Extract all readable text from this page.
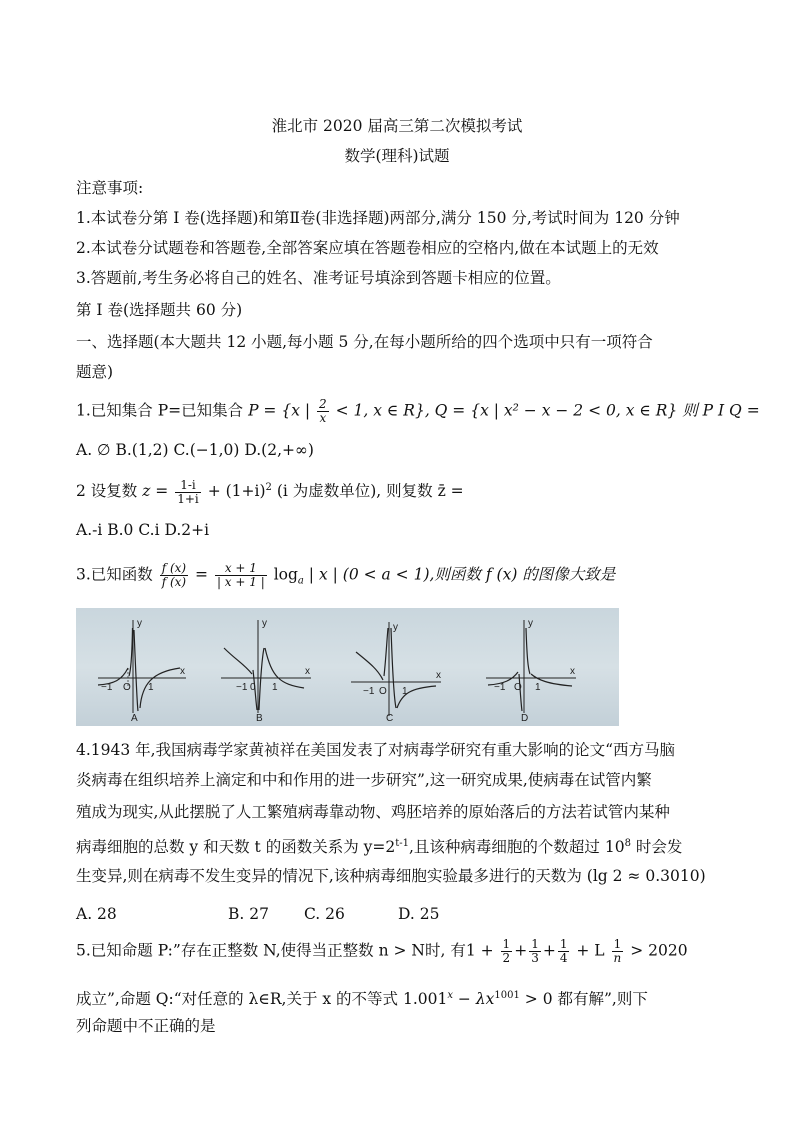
淮北市 2020 届高三第二次模拟考试
数学(理科)试题
注意事项:
1.本试卷分第 I 卷(选择题)和第Ⅱ卷(非选择题)两部分,满分 150 分,考试时间为 120 分钟
2.本试卷分试题卷和答题卷,全部答案应填在答题卷相应的空格内,做在本试题上的无效
3.答题前,考生务必将自己的姓名、准考证号填涂到答题卡相应的位置。
第 I 卷(选择题共 60 分)
一、选择题(本大题共 12 小题,每小题 5 分,在每小题所给的四个选项中只有一项符合
题意)
1.已知集合 P=已知集合 P = {x | $\frac{2}{x} < 1$, x ∈ R}, Q = {x | x² − x − 2 < 0, x ∈ R} 则 P I Q =
A. ∅ B.(1,2) C.(−1,0) D.(2,+∞)
2 设复数 $z = \frac{1-i}{1+i} + (1+i)^2$ (i 为虚数单位), 则复数 z̄ =
A.-i B.0 C.i D.2+i
3.已知函数 $\frac{f (x)}{f (x)} = \frac{x + 1}{| x + 1 |} \log_a$ | x | (0 < a < 1),则函数 f (x) 的图像大致是
−1 O 1
x
y
A
−1 0 1
x
y
B
−1 O 1
x
y
C
−1 O 1
x
y
D
4.1943 年,我国病毒学家黄祯祥在美国发表了对病毒学研究有重大影响的论文“西方马脑
炎病毒在组织培养上滴定和中和作用的进一步研究”,这一研究成果,使病毒在试管内繁
殖成为现实,从此摆脱了人工繁殖病毒靠动物、鸡胚培养的原始落后的方法若试管内某种
病毒细胞的总数 y 和天数 t 的函数关系为 $y=2^{t-1}$,且该种病毒细胞的个数超过 $10^8$ 时会发
生变异,则在病毒不发生变异的情况下,该种病毒细胞实验最多进行的天数为 (lg 2 ≈ 0.3010)
A. 28	B. 27 C. 26	D. 25
5.已知命题 P:”存在正整数 N,使得当正整数 n > N时, 有$1 + \frac{1}{2} + \frac{1}{3} + \frac{1}{4} + L \frac{1}{n} > 2020$
成立”,命题 Q:“对任意的 λ∈R,关于 x 的不等式 $1.001^x - \lambda x^{1001} > 0$ 都有解”,则下
列命题中不正确的是
